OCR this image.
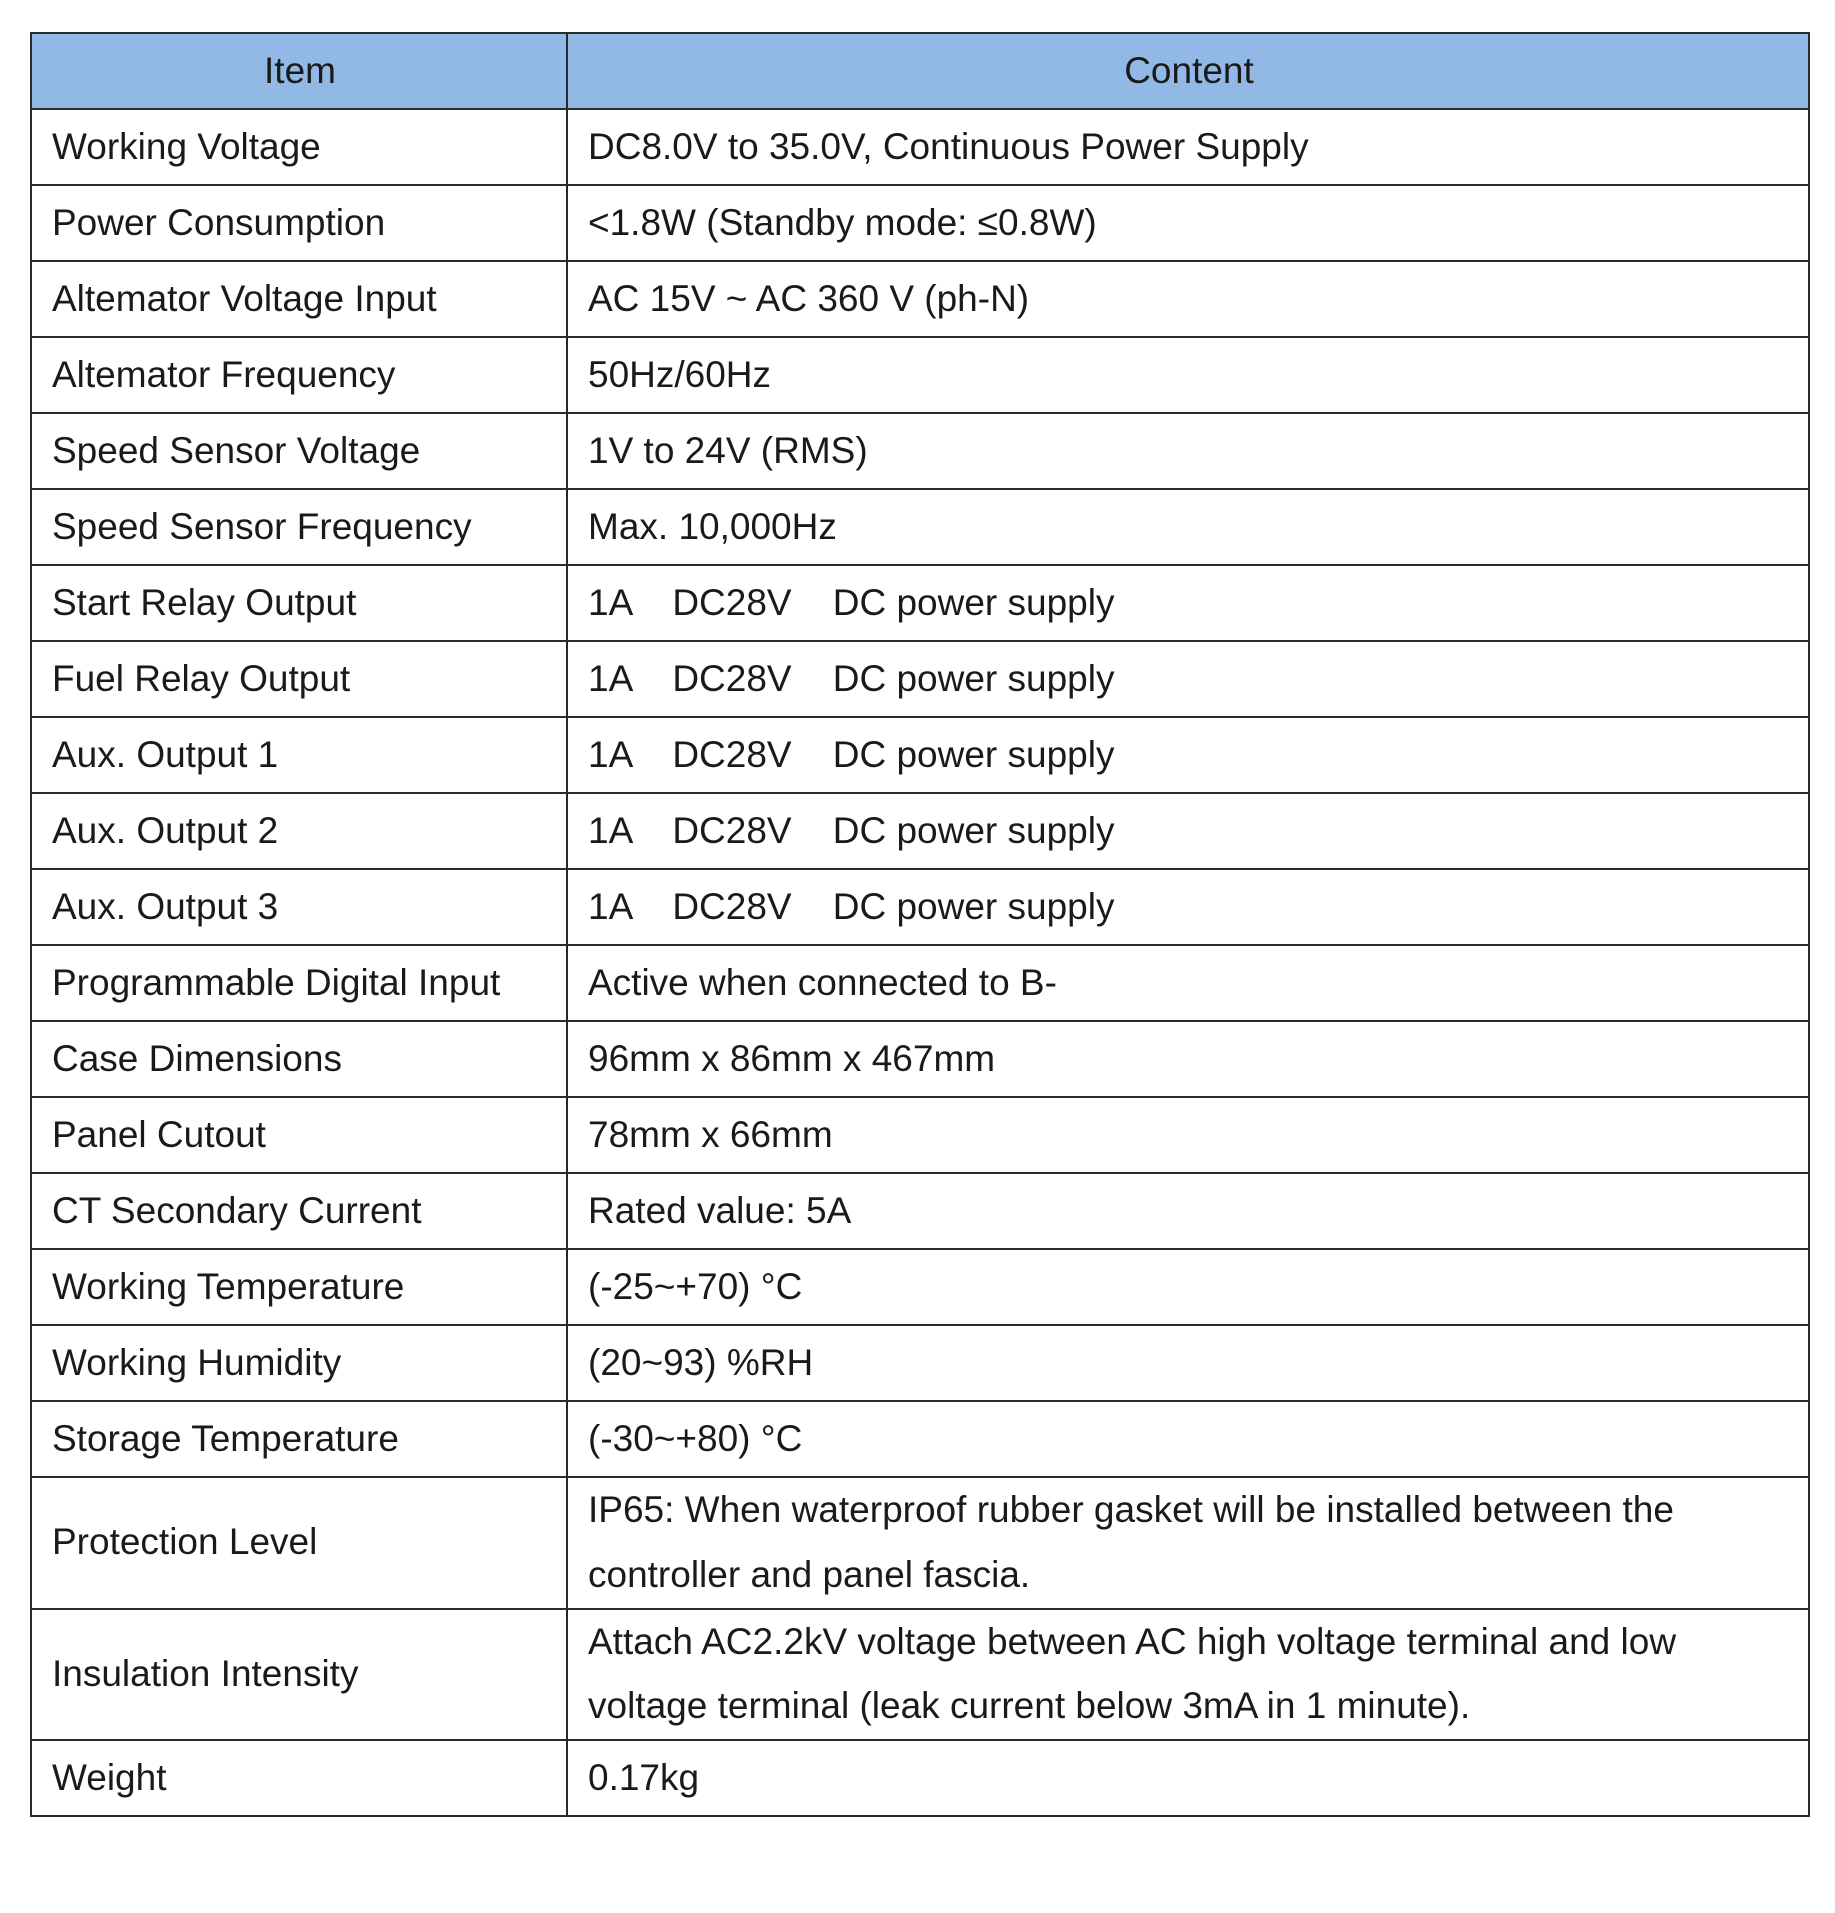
Item	Content
Working Voltage	DC8.0V to 35.0V, Continuous Power Supply
Power Consumption	<1.8W (Standby mode: ≤0.8W)
Altemator Voltage Input	AC 15V ~ AC 360 V (ph-N)
Altemator Frequency	50Hz/60Hz
Speed Sensor Voltage	1V to 24V (RMS)
Speed Sensor Frequency	Max. 10,000Hz
Start Relay Output	1A    DC28V    DC power supply
Fuel Relay Output	1A    DC28V    DC power supply
Aux. Output 1	1A    DC28V    DC power supply
Aux. Output 2	1A    DC28V    DC power supply
Aux. Output 3	1A    DC28V    DC power supply
Programmable Digital Input	Active when connected to B-
Case Dimensions	96mm x 86mm x 467mm
Panel Cutout	78mm x 66mm
CT Secondary Current	Rated value: 5A
Working Temperature	(-25~+70) °C
Working Humidity	(20~93) %RH
Storage Temperature	(-30~+80) °C
Protection Level	IP65: When waterproof rubber gasket will be installed between the controller and panel fascia.
Insulation Intensity	Attach AC2.2kV voltage between AC high voltage terminal and low voltage terminal (leak current below 3mA in 1 minute).
Weight	0.17kg
